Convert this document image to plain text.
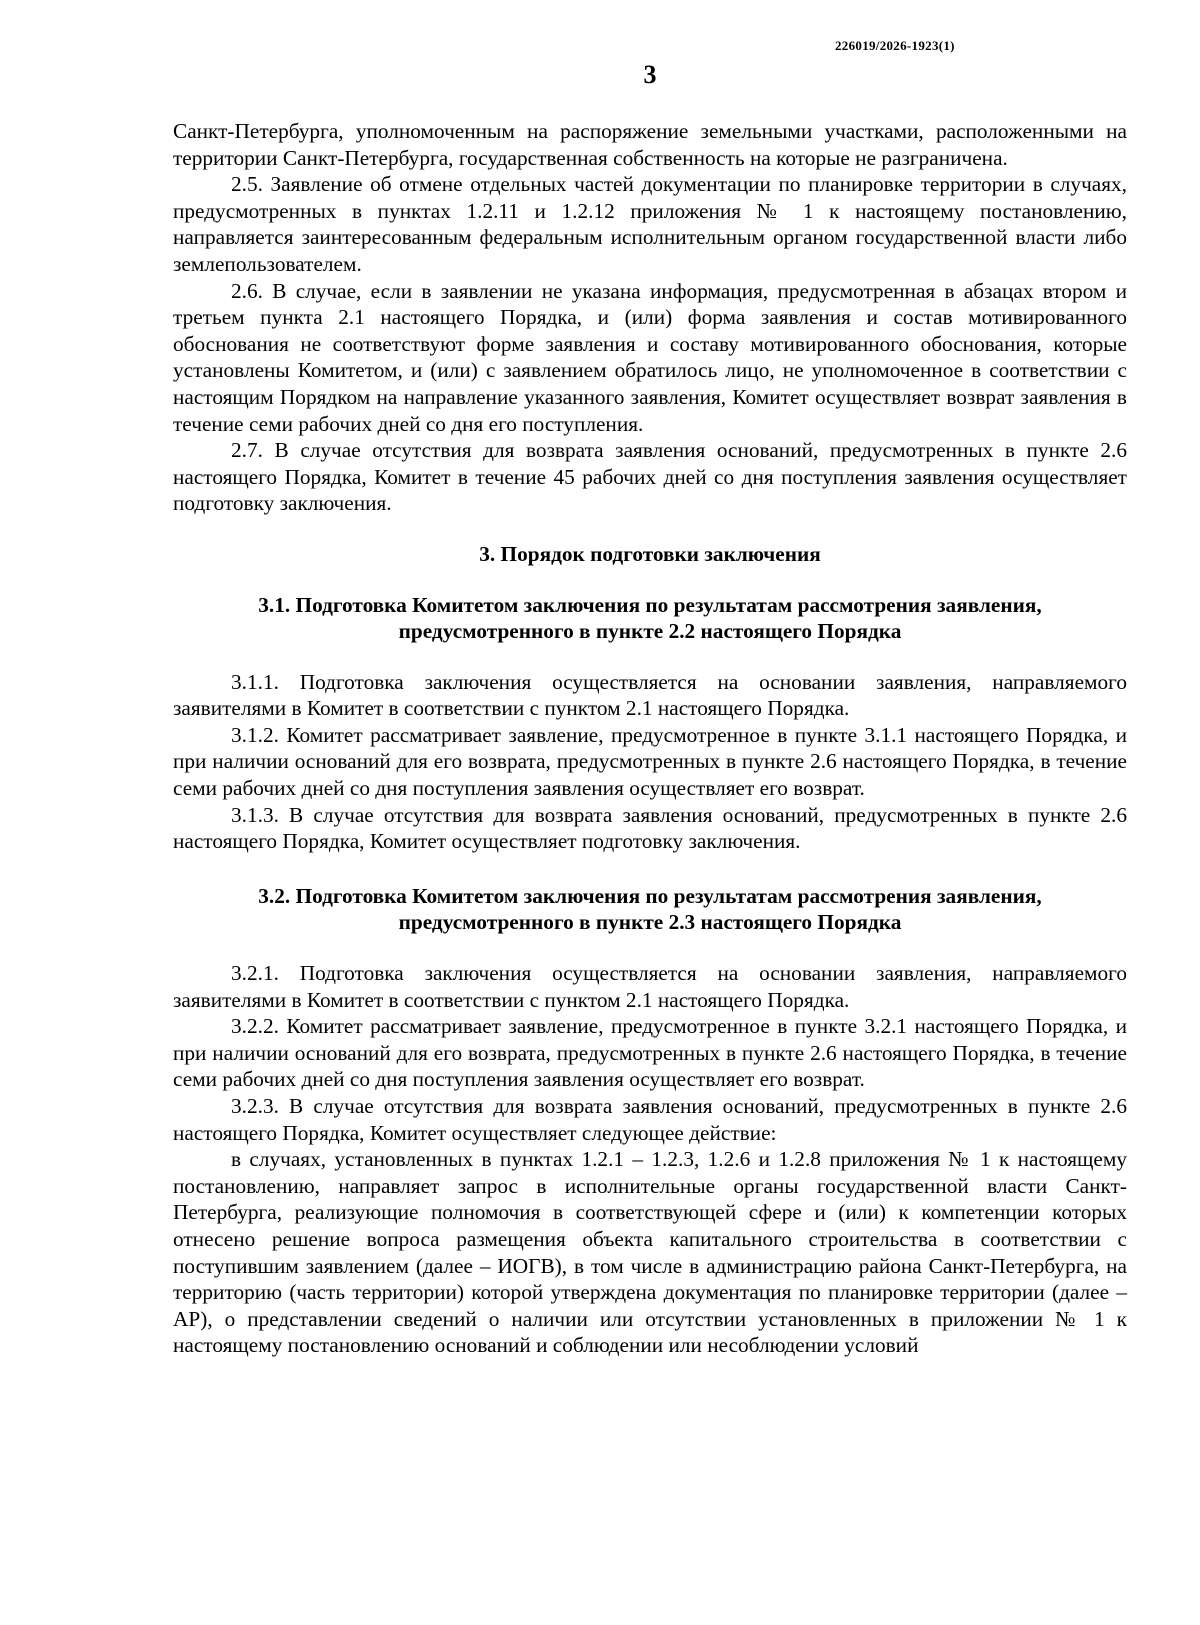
226019/2026-1923(1)
3

Санкт-Петербурга, уполномоченным на распоряжение земельными участками, расположенными на территории Санкт-Петербурга, государственная собственность на которые не разграничена.

2.5. Заявление об отмене отдельных частей документации по планировке территории в случаях, предусмотренных в пунктах 1.2.11 и 1.2.12 приложения № 1 к настоящему постановлению, направляется заинтересованным федеральным исполнительным органом государственной власти либо землепользователем.

2.6. В случае, если в заявлении не указана информация, предусмотренная в абзацах втором и третьем пункта 2.1 настоящего Порядка, и (или) форма заявления и состав мотивированного обоснования не соответствуют форме заявления и составу мотивированного обоснования, которые установлены Комитетом, и (или) с заявлением обратилось лицо, не уполномоченное в соответствии с настоящим Порядком на направление указанного заявления, Комитет осуществляет возврат заявления в течение семи рабочих дней со дня его поступления.

2.7. В случае отсутствия для возврата заявления оснований, предусмотренных в пункте 2.6 настоящего Порядка, Комитет в течение 45 рабочих дней со дня поступления заявления осуществляет подготовку заключения.

3. Порядок подготовки заключения

3.1. Подготовка Комитетом заключения по результатам рассмотрения заявления,
предусмотренного в пункте 2.2 настоящего Порядка

3.1.1. Подготовка заключения осуществляется на основании заявления, направляемого заявителями в Комитет в соответствии с пунктом 2.1 настоящего Порядка.

3.1.2. Комитет рассматривает заявление, предусмотренное в пункте 3.1.1 настоящего Порядка, и при наличии оснований для его возврата, предусмотренных в пункте 2.6 настоящего Порядка, в течение семи рабочих дней со дня поступления заявления осуществляет его возврат.

3.1.3. В случае отсутствия для возврата заявления оснований, предусмотренных в пункте 2.6 настоящего Порядка, Комитет осуществляет подготовку заключения.

3.2. Подготовка Комитетом заключения по результатам рассмотрения заявления,
предусмотренного в пункте 2.3 настоящего Порядка

3.2.1. Подготовка заключения осуществляется на основании заявления, направляемого заявителями в Комитет в соответствии с пунктом 2.1 настоящего Порядка.

3.2.2. Комитет рассматривает заявление, предусмотренное в пункте 3.2.1 настоящего Порядка, и при наличии оснований для его возврата, предусмотренных в пункте 2.6 настоящего Порядка, в течение семи рабочих дней со дня поступления заявления осуществляет его возврат.

3.2.3. В случае отсутствия для возврата заявления оснований, предусмотренных в пункте 2.6 настоящего Порядка, Комитет осуществляет следующее действие:

в случаях, установленных в пунктах 1.2.1 – 1.2.3, 1.2.6 и 1.2.8 приложения № 1 к настоящему постановлению, направляет запрос в исполнительные органы государственной власти Санкт-Петербурга, реализующие полномочия в соответствующей сфере и (или) к компетенции которых отнесено решение вопроса размещения объекта капитального строительства в соответствии с поступившим заявлением (далее – ИОГВ), в том числе в администрацию района Санкт-Петербурга, на территорию (часть территории) которой утверждена документация по планировке территории (далее – АР), о представлении сведений о наличии или отсутствии установленных в приложении № 1 к настоящему постановлению оснований и соблюдении или несоблюдении условий
